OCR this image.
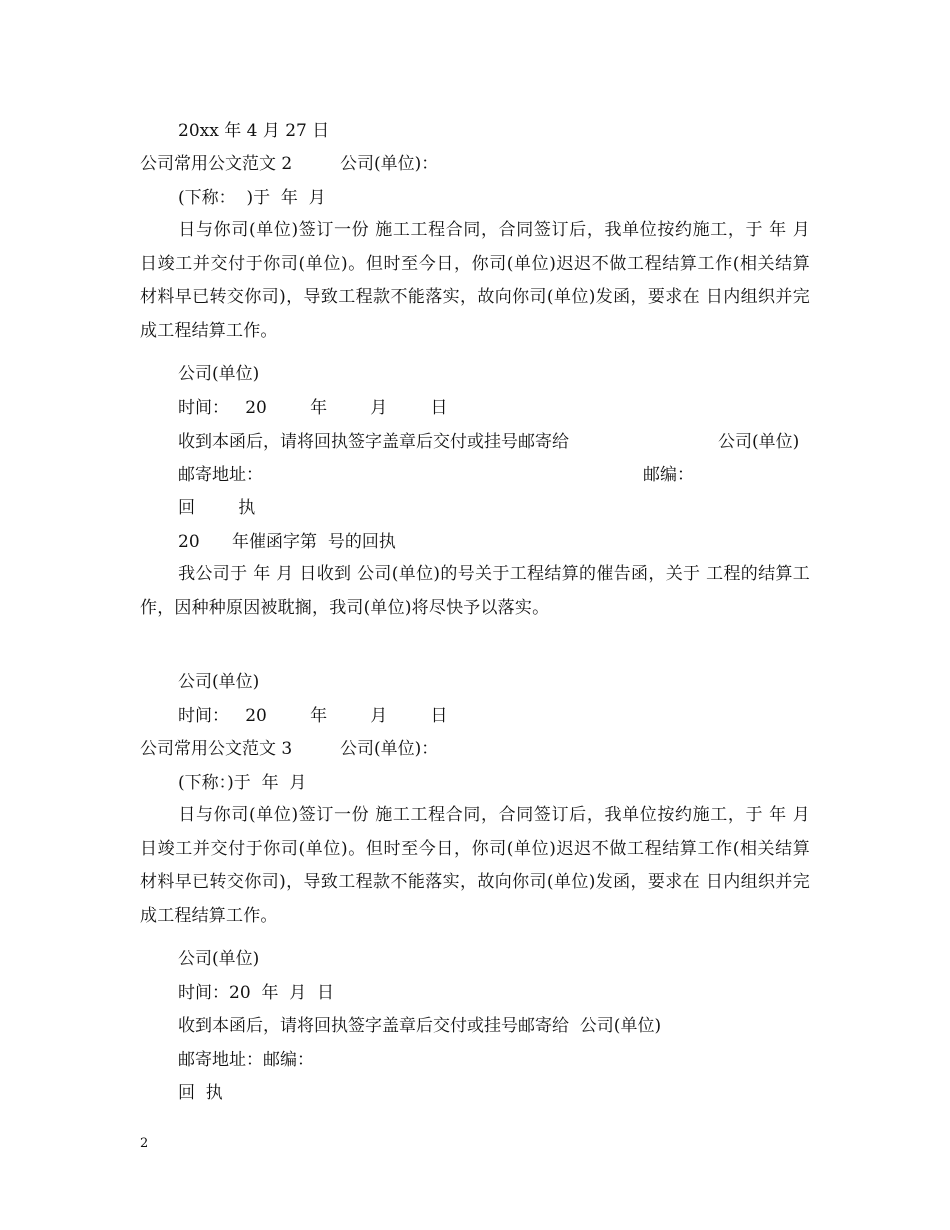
20xx 年 4 月 27 日

公司常用公文范文 2	公司(单位)：

(下称：  )于  年  月

日与你司(单位)签订一份 施工工程合同，合同签订后，我单位按约施工，于 年 月 日竣工并交付于你司(单位)。但时至今日，你司(单位)迟迟不做工程结算工作(相关结算材料早已转交你司)，导致工程款不能落实，故向你司(单位)发函，要求在 日内组织并完成工程结算工作。

公司(单位)

时间：   20        年        月        日

收到本函后，请将回执签字盖章后交付或挂号邮寄给	公司(单位)

邮寄地址：	邮编：

回        执

20      年催函字第  号的回执

我公司于 年 月 日收到 公司(单位)的号关于工程结算的催告函，关于 工程的结算工作，因种种原因被耽搁，我司(单位)将尽快予以落实。

公司(单位)

时间：   20        年        月        日

公司常用公文范文 3	公司(单位)：

(下称：)于  年  月

日与你司(单位)签订一份 施工工程合同，合同签订后，我单位按约施工，于 年 月 日竣工并交付于你司(单位)。但时至今日，你司(单位)迟迟不做工程结算工作(相关结算材料早已转交你司)，导致工程款不能落实，故向你司(单位)发函，要求在 日内组织并完成工程结算工作。

公司(单位)

时间：20  年  月  日

收到本函后，请将回执签字盖章后交付或挂号邮寄给  公司(单位)

邮寄地址：邮编：

回  执

2
